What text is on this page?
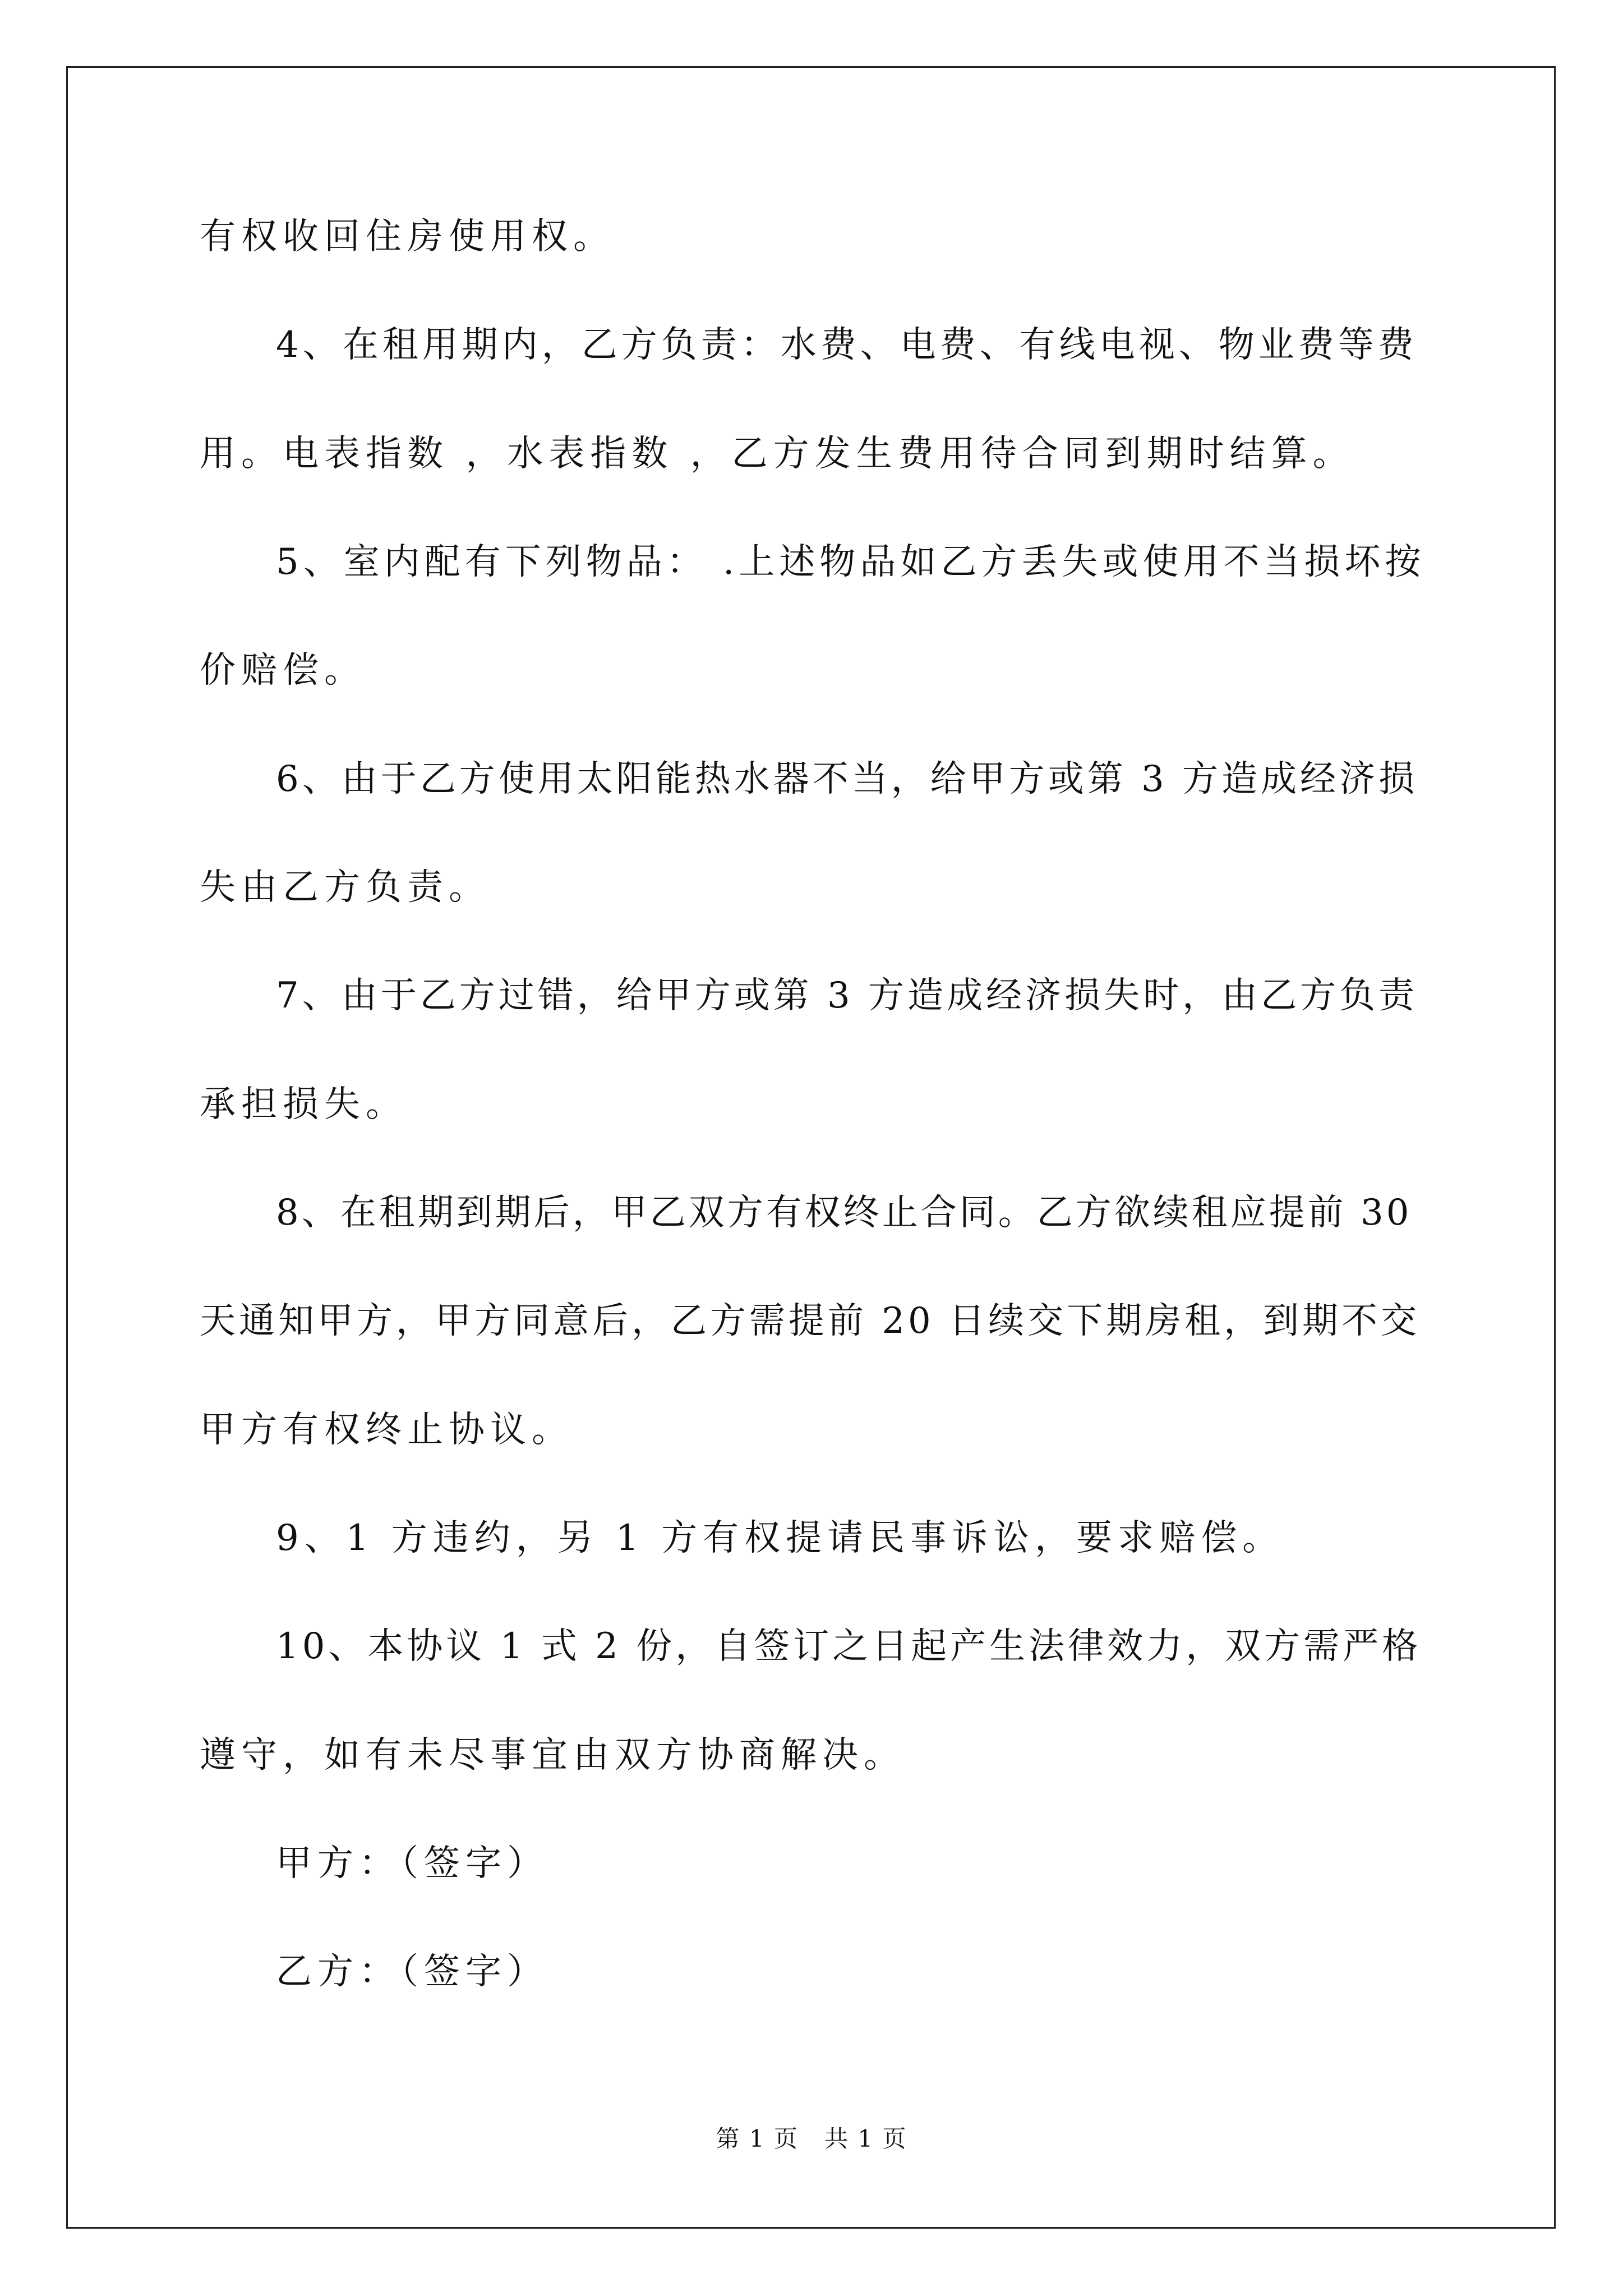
有权收回住房使用权。
4、在租用期内，乙方负责：水费、电费、有线电视、物业费等费
用。电表指数 ，水表指数 ，乙方发生费用待合同到期时结算。
5、室内配有下列物品： .上述物品如乙方丢失或使用不当损坏按
价赔偿。
6、由于乙方使用太阳能热水器不当，给甲方或第 3 方造成经济损
失由乙方负责。
7、由于乙方过错，给甲方或第 3 方造成经济损失时，由乙方负责
承担损失。
8、在租期到期后，甲乙双方有权终止合同。乙方欲续租应提前 30
天通知甲方，甲方同意后，乙方需提前 20 日续交下期房租，到期不交
甲方有权终止协议。
9、1 方违约，另 1 方有权提请民事诉讼，要求赔偿。
10、本协议 1 式 2 份，自签订之日起产生法律效力，双方需严格
遵守，如有未尽事宜由双方协商解决。
甲方：（签字）
乙方：（签字）
第 1 页   共 1 页
